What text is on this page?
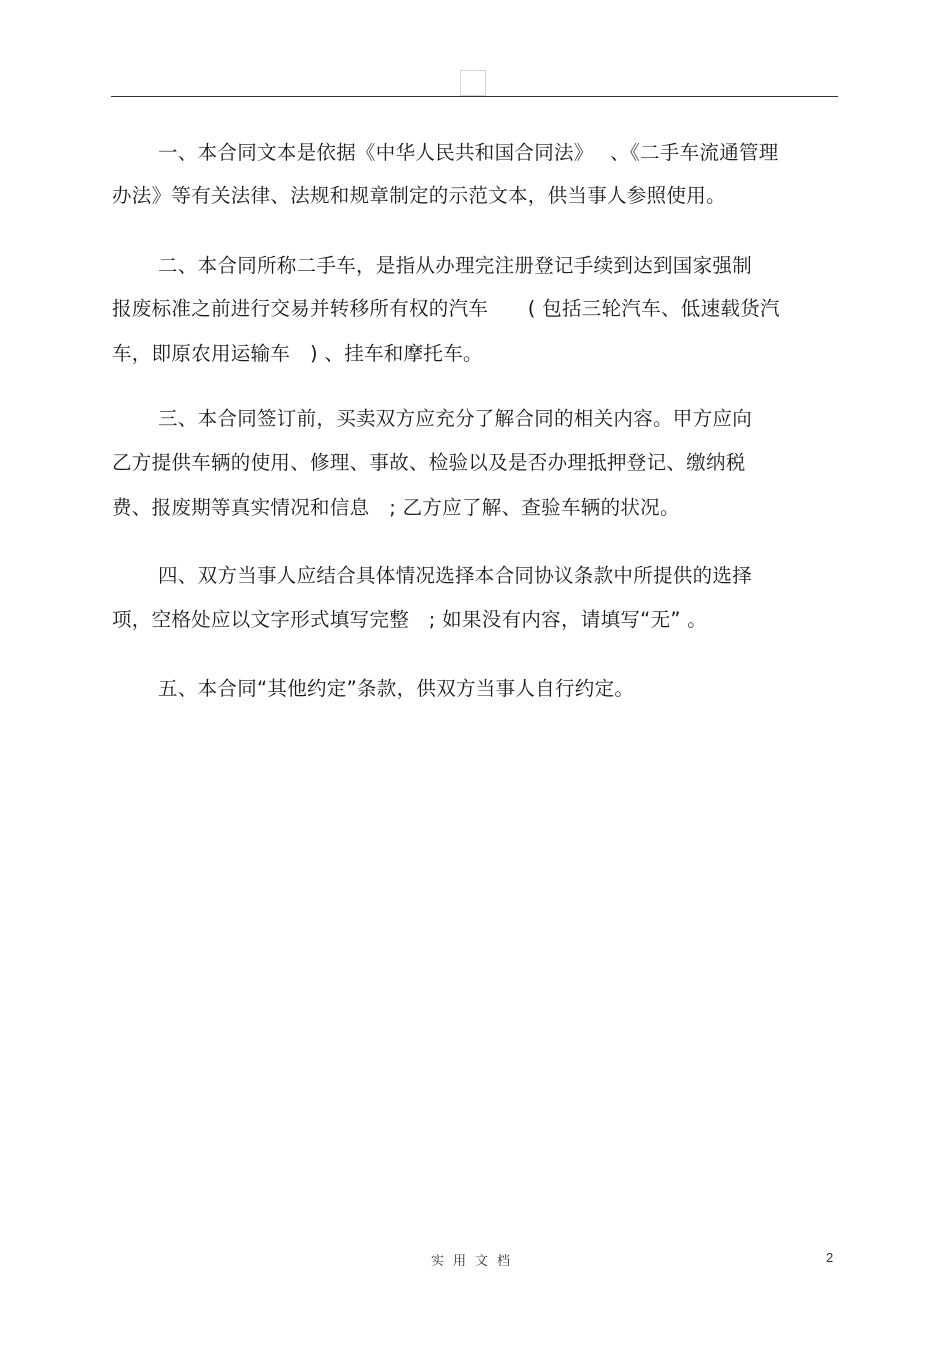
一、本合同文本是依据《中华人民共和国合同法》　 、《二手车流通管理
办法》等有关法律、法规和规章制定的示范文本，供当事人参照使用。
二、本合同所称二手车，是指从办理完注册登记手续到达到国家强制
报废标准之前进行交易并转移所有权的汽车　　( 包括三轮汽车、低速载货汽
车，即原农用运输车　) 、挂车和摩托车。
三、本合同签订前，买卖双方应充分了解合同的相关内容。甲方应向
乙方提供车辆的使用、修理、事故、检验以及是否办理抵押登记、缴纳税
费、报废期等真实情况和信息　; 乙方应了解、查验车辆的状况。
四、双方当事人应结合具体情况选择本合同协议条款中所提供的选择
项，空格处应以文字形式填写完整　; 如果没有内容，请填写“无” 。
五、本合同“其他约定”条款，供双方当事人自行约定。
实用文档	2
